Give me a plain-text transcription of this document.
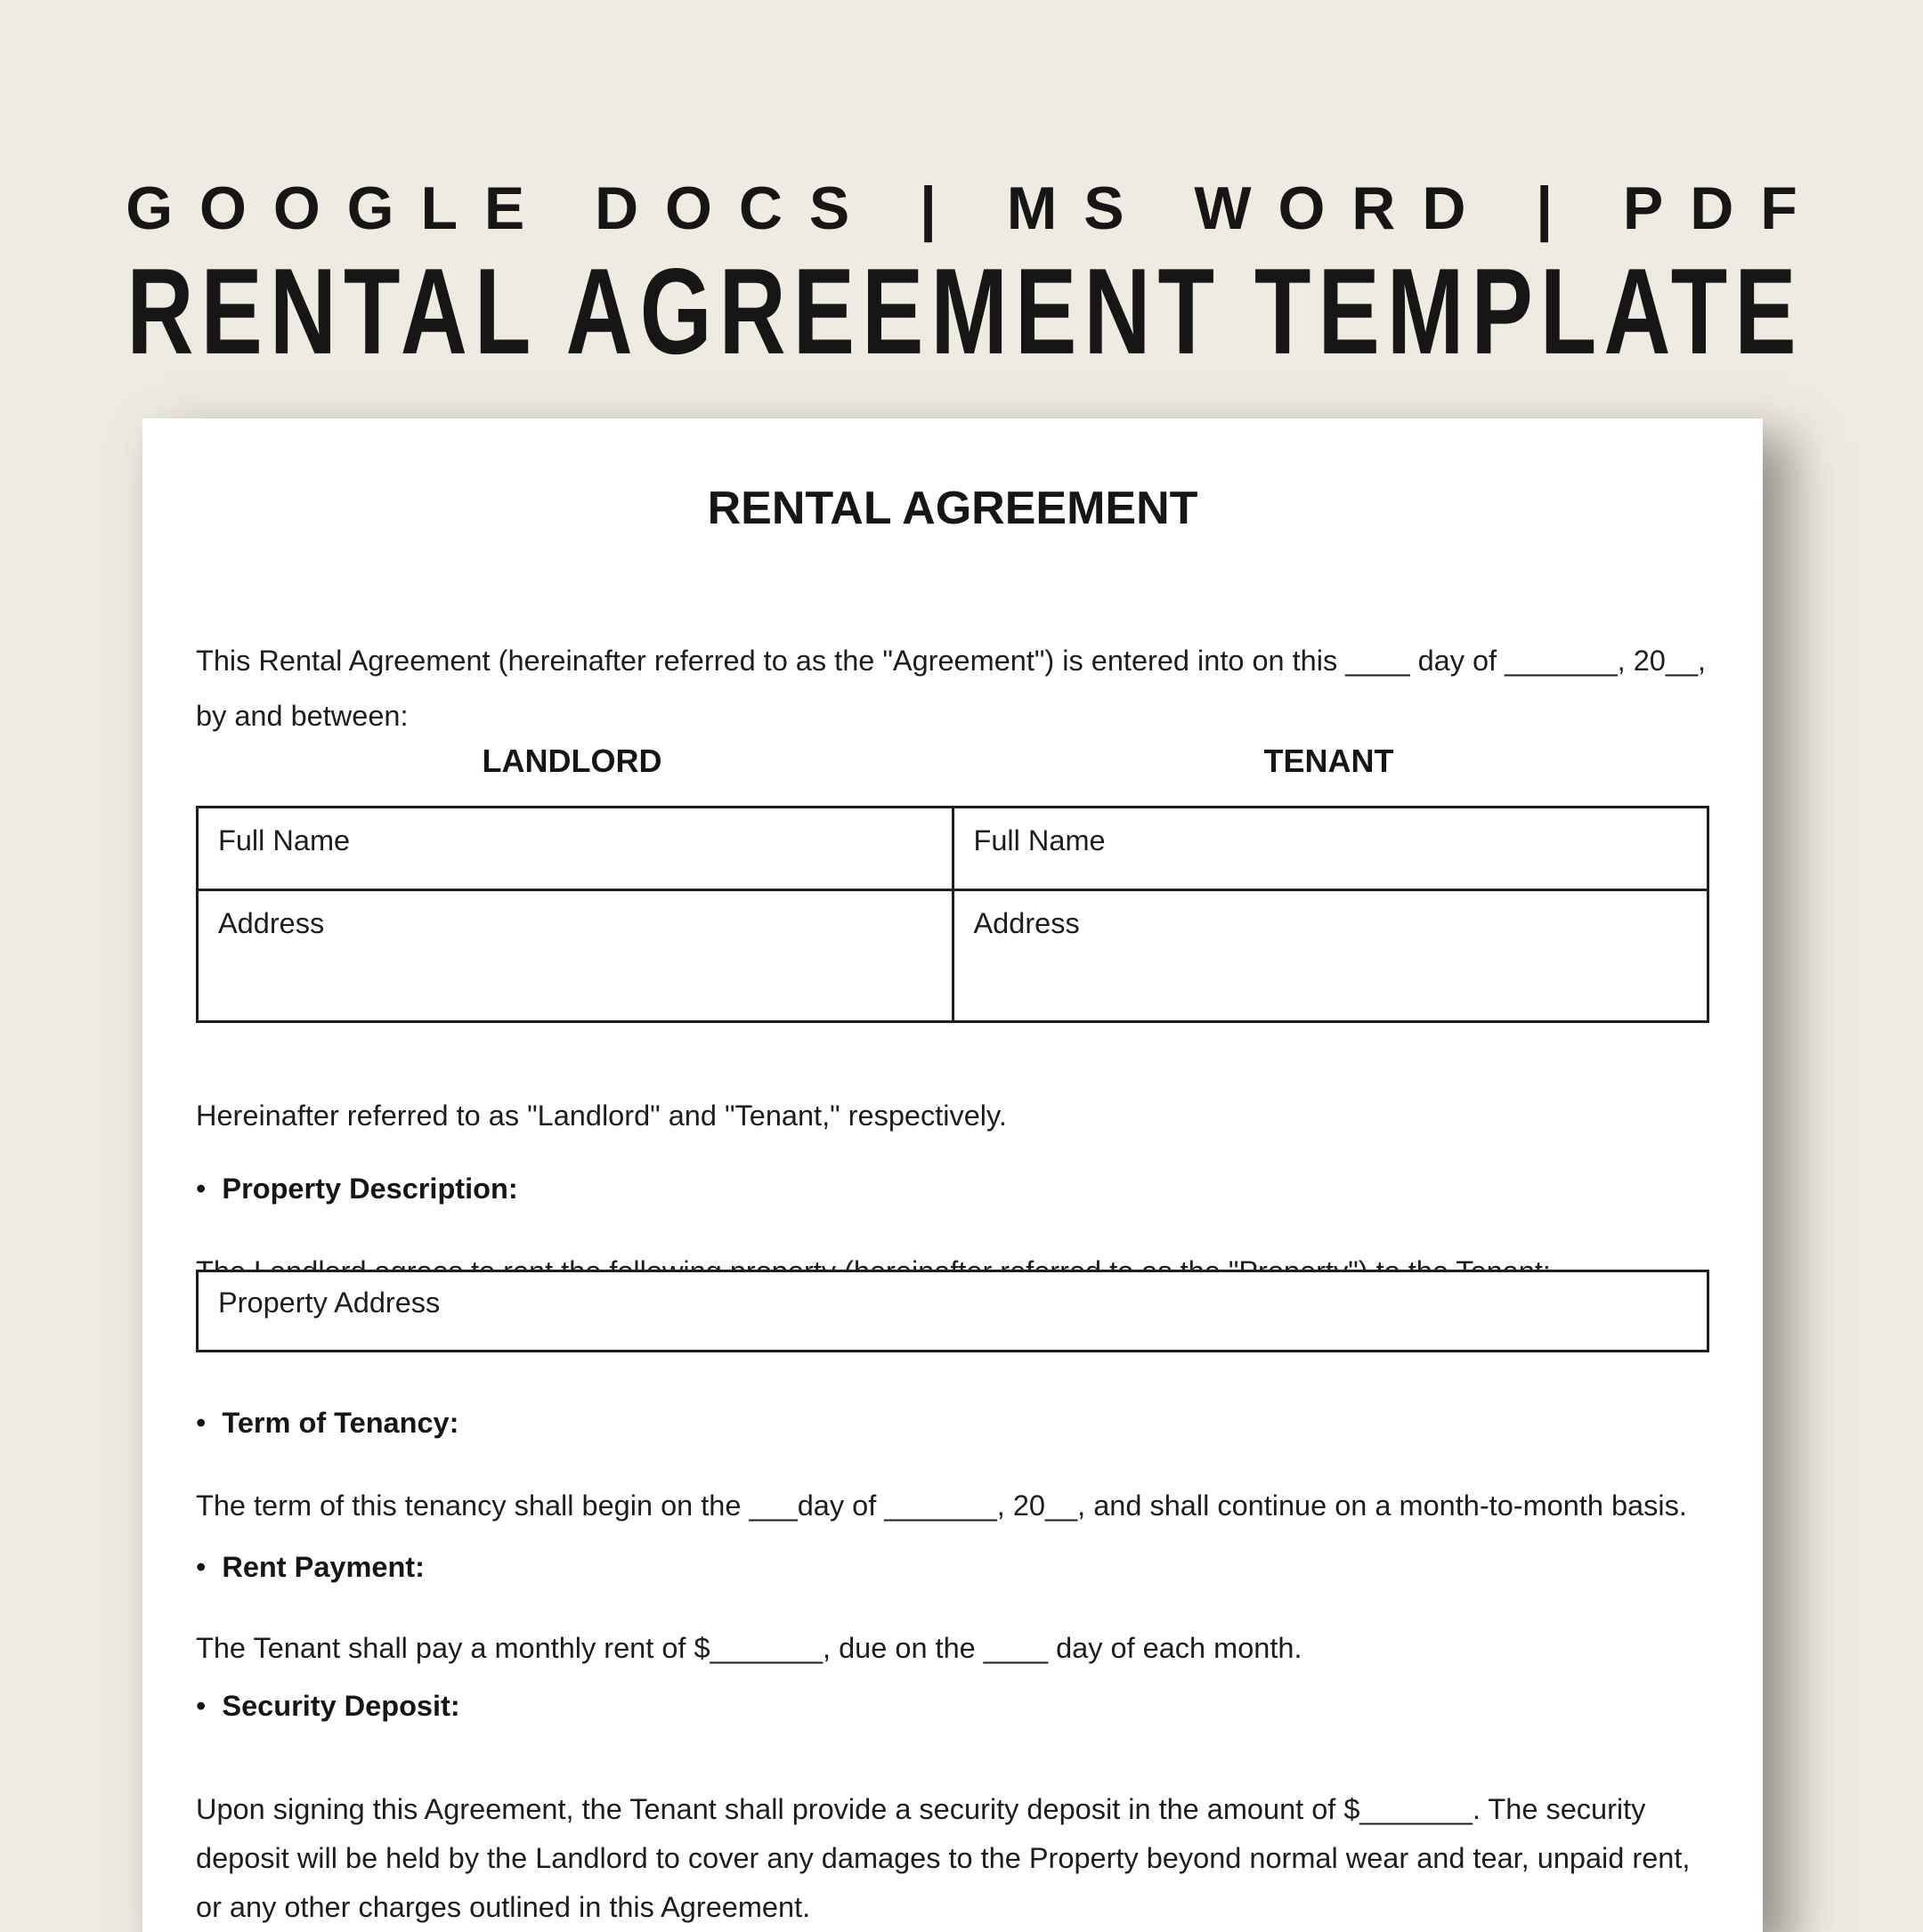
GOOGLE DOCS | MS WORD | PDF
RENTAL AGREEMENT TEMPLATE
RENTAL AGREEMENT

This Rental Agreement (hereinafter referred to as the "Agreement") is entered into on this ____ day of _______, 20__, by and between:

LANDLORD	TENANT
Full Name	Full Name
Address	Address

Hereinafter referred to as "Landlord" and "Tenant," respectively.

• Property Description:

Property Address
• Term of Tenancy:

The term of this tenancy shall begin on the ___day of _______, 20__, and shall continue on a month-to-month basis.

• Rent Payment:

The Tenant shall pay a monthly rent of $_______, due on the ____ day of each month.

• Security Deposit:

Upon signing this Agreement, the Tenant shall provide a security deposit in the amount of $_______. The security deposit will be held by the Landlord to cover any damages to the Property beyond normal wear and tear, unpaid rent, or any other charges outlined in this Agreement.
